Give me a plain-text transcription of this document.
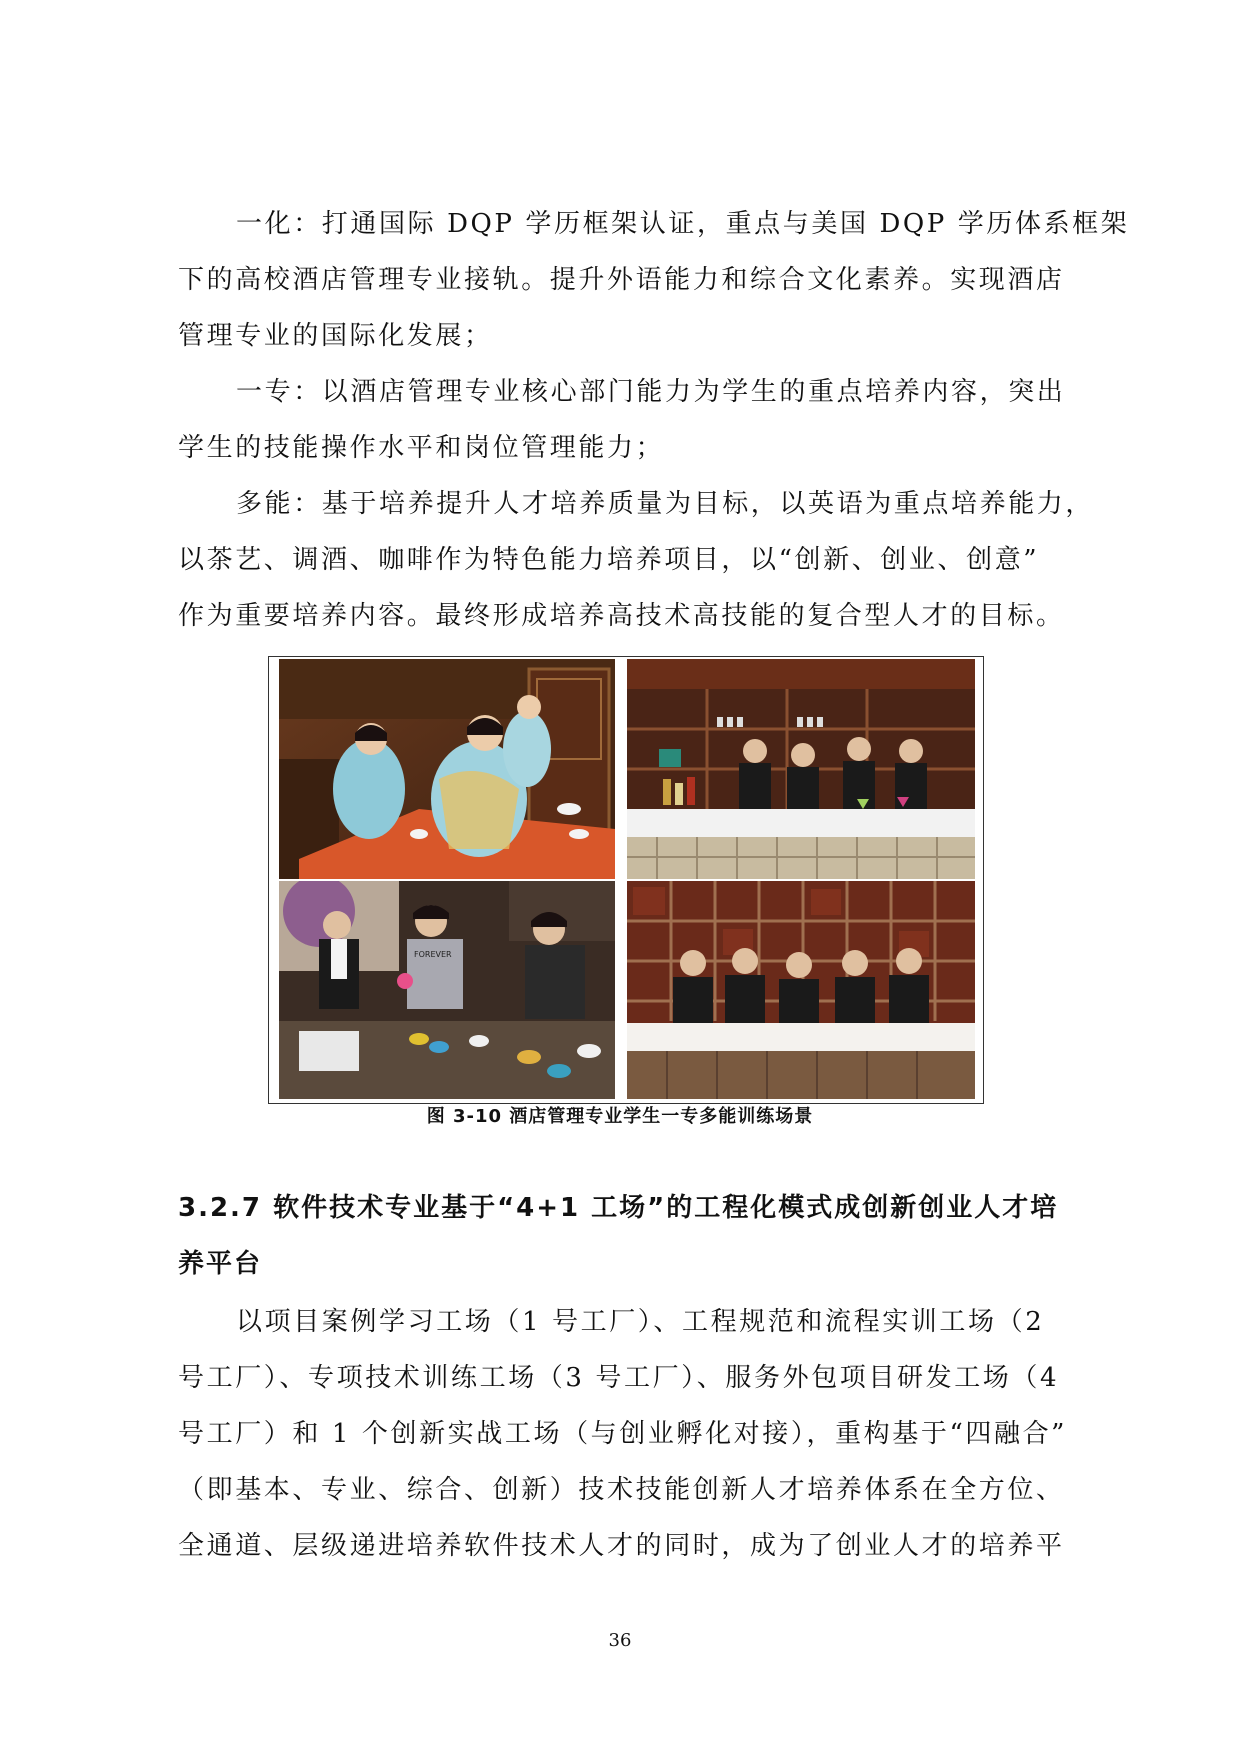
一化：打通国际 DQP 学历框架认证，重点与美国 DQP 学历体系框架
下的高校酒店管理专业接轨。提升外语能力和综合文化素养。实现酒店
管理专业的国际化发展；

一专：以酒店管理专业核心部门能力为学生的重点培养内容，突出
学生的技能操作水平和岗位管理能力；

多能：基于培养提升人才培养质量为目标，以英语为重点培养能力，
以茶艺、调酒、咖啡作为特色能力培养项目，以“创新、创业、创意”
作为重要培养内容。最终形成培养高技术高技能的复合型人才的目标。

FOREVER
图 3-10 酒店管理专业学生一专多能训练场景
3.2.7 软件技术专业基于“4+1 工场”的工程化模式成创新创业人才培
养平台

以项目案例学习工场（1 号工厂）、工程规范和流程实训工场（2
号工厂）、专项技术训练工场（3 号工厂）、服务外包项目研发工场（4
号工厂）和 1 个创新实战工场（与创业孵化对接），重构基于“四融合”
（即基本、专业、综合、创新）技术技能创新人才培养体系在全方位、
全通道、层级递进培养软件技术人才的同时，成为了创业人才的培养平

36
